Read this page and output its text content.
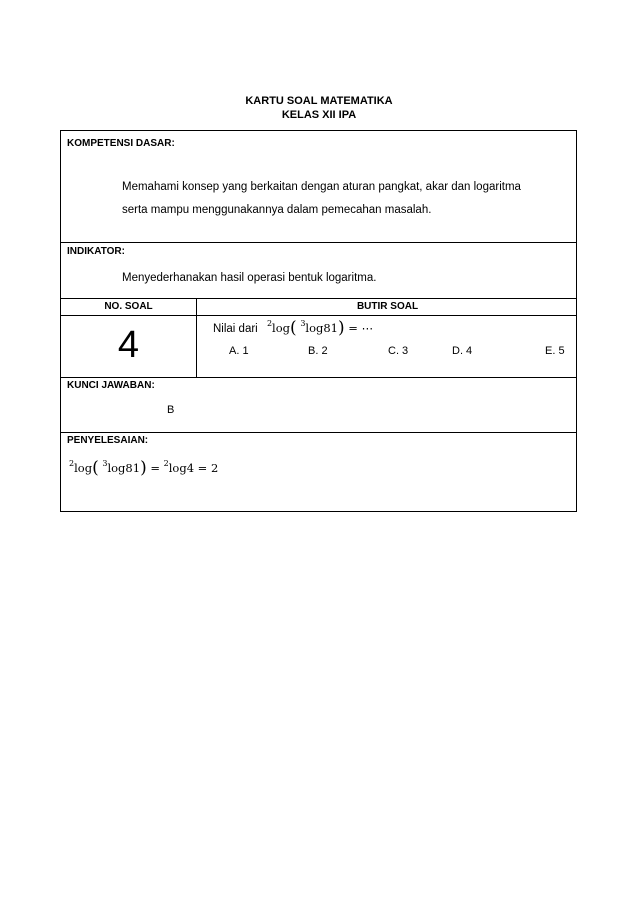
KARTU SOAL MATEMATIKA
KELAS XII IPA
KOMPETENSI DASAR:
Memahami konsep yang berkaitan dengan aturan pangkat, akar dan logaritma
serta mampu menggunakannya dalam pemecahan masalah.
INDIKATOR:
Menyederhanakan hasil operasi bentuk logaritma.
NO. SOAL	BUTIR SOAL
4	Nilai dari $^2$log( $^3$log81) = ⋯
A. 1	B. 2	C. 3	D. 4	E. 5
KUNCI JAWABAN:
B
PENYELESAIAN:
$^2$log( $^3$log81) = $^2$log4 = 2
